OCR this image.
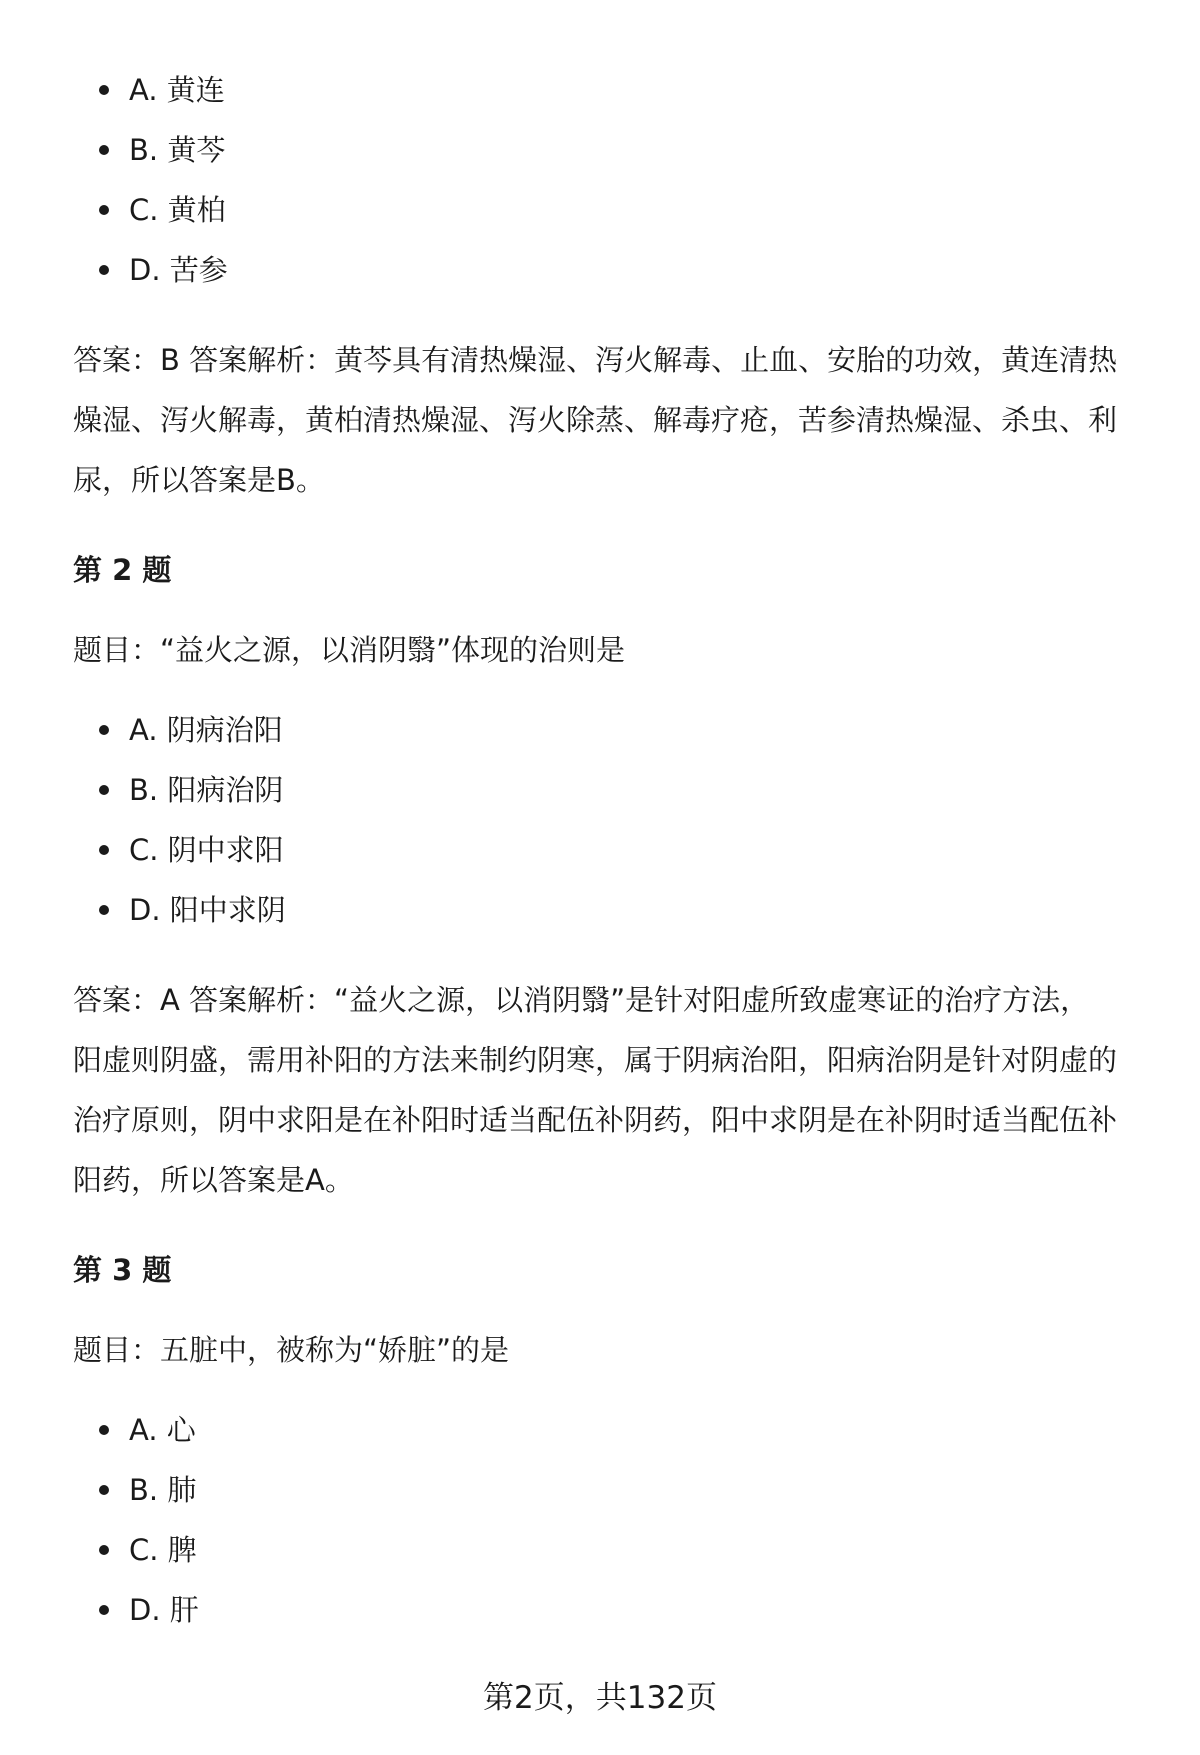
A. 黄连
B. 黄芩
C. 黄柏
D. 苦参

答案：B 答案解析：黄芩具有清热燥湿、泻火解毒、止血、安胎的功效，黄连清热

燥湿、泻火解毒，黄柏清热燥湿、泻火除蒸、解毒疗疮，苦参清热燥湿、杀虫、利

尿，所以答案是B。

第 2 题

题目：“益火之源，以消阴翳”体现的治则是

A. 阴病治阳
B. 阳病治阴
C. 阴中求阳
D. 阳中求阴

答案：A 答案解析：“益火之源，以消阴翳”是针对阳虚所致虚寒证的治疗方法，

阳虚则阴盛，需用补阳的方法来制约阴寒，属于阴病治阳，阳病治阴是针对阴虚的

治疗原则，阴中求阳是在补阳时适当配伍补阴药，阳中求阴是在补阴时适当配伍补

阳药，所以答案是A。

第 3 题

题目：五脏中，被称为“娇脏”的是

A. 心
B. 肺
C. 脾
D. 肝
第2页，共132页
